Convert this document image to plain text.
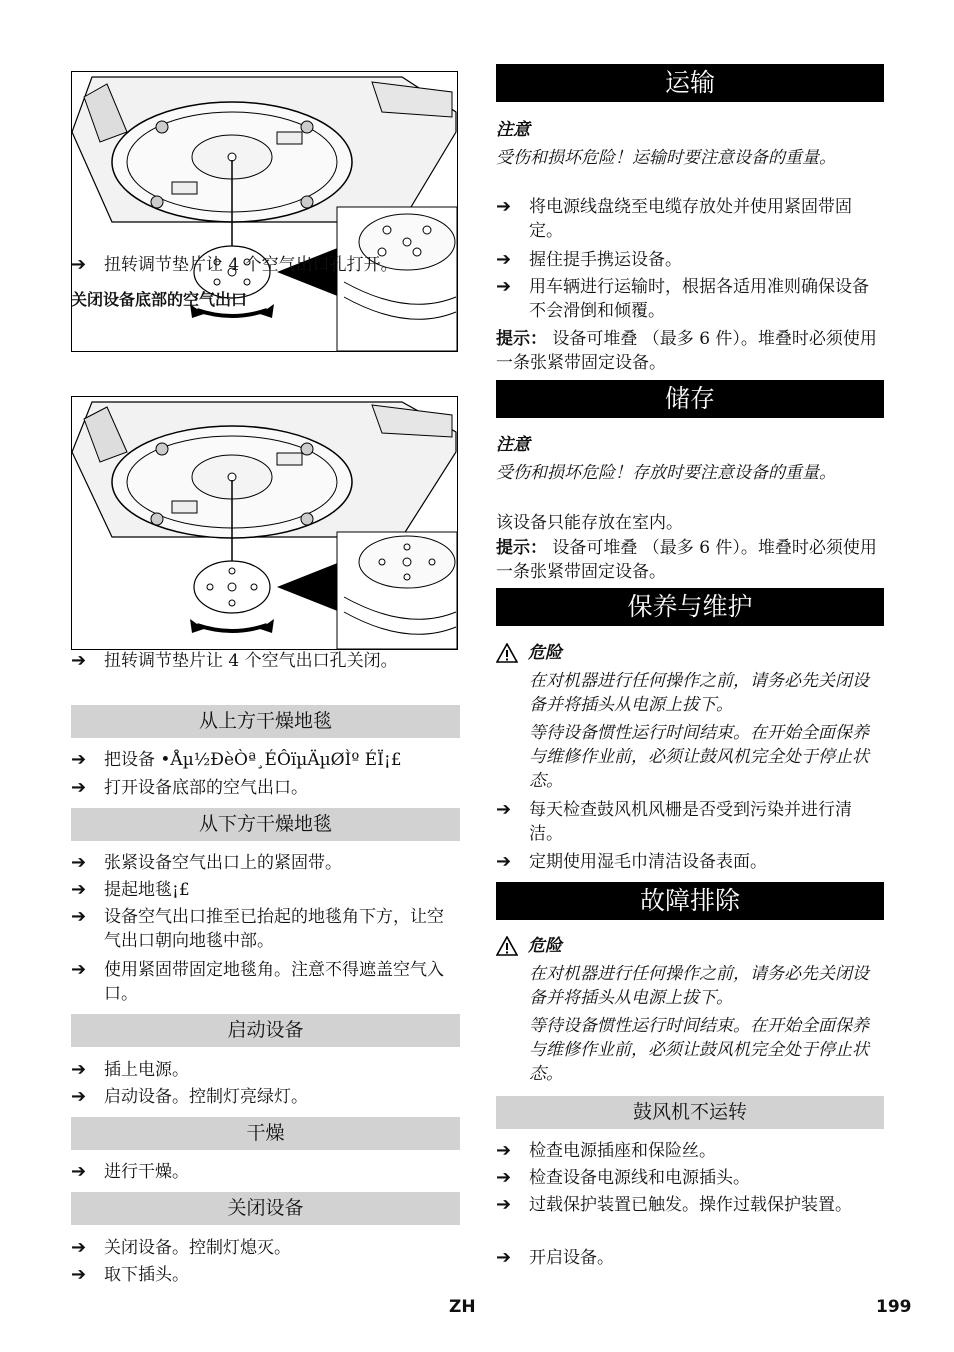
➔	扭转调节垫片让 4 个空气出口孔打开。
关闭设备底部的空气出口
➔	扭转调节垫片让 4 个空气出口孔关闭。
从上方干燥地毯
➔	把设备 •Åµ½ÐèÒª¸ÉÔïµÄµØÌº ÉÏ¡£
➔	打开设备底部的空气出口。
从下方干燥地毯
➔	张紧设备空气出口上的紧固带。
➔	提起地毯¡£
➔	设备空气出口推至已抬起的地毯角下方，让空气出口朝向地毯中部。
➔	使用紧固带固定地毯角。注意不得遮盖空气入口。
启动设备
➔	插上电源。
➔	启动设备。控制灯亮绿灯。
干燥
➔	进行干燥。
关闭设备
➔	关闭设备。控制灯熄灭。
➔	取下插头。
运输
注意
受伤和损坏危险！运输时要注意设备的重量。
➔	将电源线盘绕至电缆存放处并使用紧固带固定。
➔	握住提手携运设备。
➔	用车辆进行运输时，根据各适用准则确保设备不会滑倒和倾覆。
提示： 设备可堆叠 （最多 6 件）。堆叠时必须使用一条张紧带固定设备。
储存
注意
受伤和损坏危险！存放时要注意设备的重量。
该设备只能存放在室内。
提示： 设备可堆叠 （最多 6 件）。堆叠时必须使用一条张紧带固定设备。
保养与维护
危险
在对机器进行任何操作之前，请务必先关闭设备并将插头从电源上拔下。
等待设备惯性运行时间结束。在开始全面保养与维修作业前，必须让鼓风机完全处于停止状态。
➔	每天检查鼓风机风栅是否受到污染并进行清洁。
➔	定期使用湿毛巾清洁设备表面。
故障排除
危险
在对机器进行任何操作之前，请务必先关闭设备并将插头从电源上拔下。
等待设备惯性运行时间结束。在开始全面保养与维修作业前，必须让鼓风机完全处于停止状态。
鼓风机不运转
➔	检查电源插座和保险丝。
➔	检查设备电源线和电源插头。
➔	过载保护装置已触发。操作过载保护装置。
➔	开启设备。
ZH	199
